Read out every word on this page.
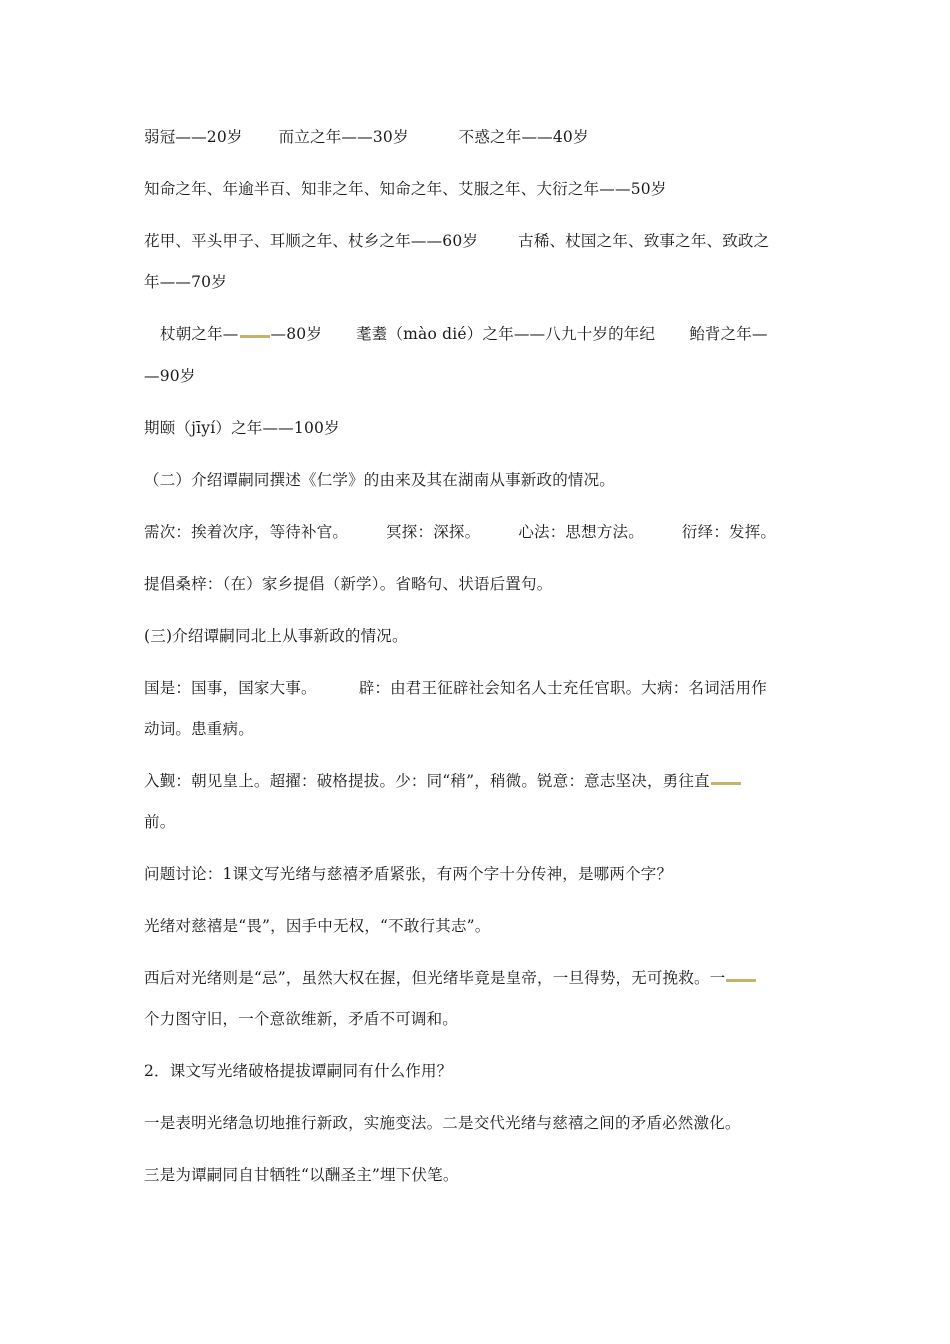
弱冠——20岁 而立之年——30岁	不惑之年——40岁
知命之年、年逾半百、知非之年、知命之年、艾服之年、大衍之年——50岁
花甲、平头甲子、耳顺之年、杖乡之年——60岁	古稀、杖国之年、致事之年、致政之
年——70岁
杖朝之年— —80岁 耄耋（mào dié）之年——八九十岁的年纪 鲐背之年—
—90岁
期颐（jīyí）之年——100岁
（二）介绍谭嗣同撰述《仁学》的由来及其在湖南从事新政的情况。
需次：挨着次序，等待补官。 冥探：深探。 心法：思想方法。 衍绎：发挥。
提倡桑梓：（在）家乡提倡（新学）。省略句、状语后置句。
(三)介绍谭嗣同北上从事新政的情况。
国是：国事，国家大事。	辟：由君王征辟社会知名人士充任官职。大病：名词活用作
动词。患重病。
入觐：朝见皇上。超擢：破格提拔。少：同“稍”，稍微。锐意：意志坚决，勇往直
前。
问题讨论：1课文写光绪与慈禧矛盾紧张，有两个字十分传神，是哪两个字？
光绪对慈禧是“畏”，因手中无权，“不敢行其志”。
西后对光绪则是“忌”，虽然大权在握，但光绪毕竟是皇帝，一旦得势，无可挽救。一
个力图守旧，一个意欲维新，矛盾不可调和。
2．课文写光绪破格提拔谭嗣同有什么作用？
一是表明光绪急切地推行新政，实施变法。二是交代光绪与慈禧之间的矛盾必然激化。
三是为谭嗣同自甘牺牲“以酬圣主”埋下伏笔。
